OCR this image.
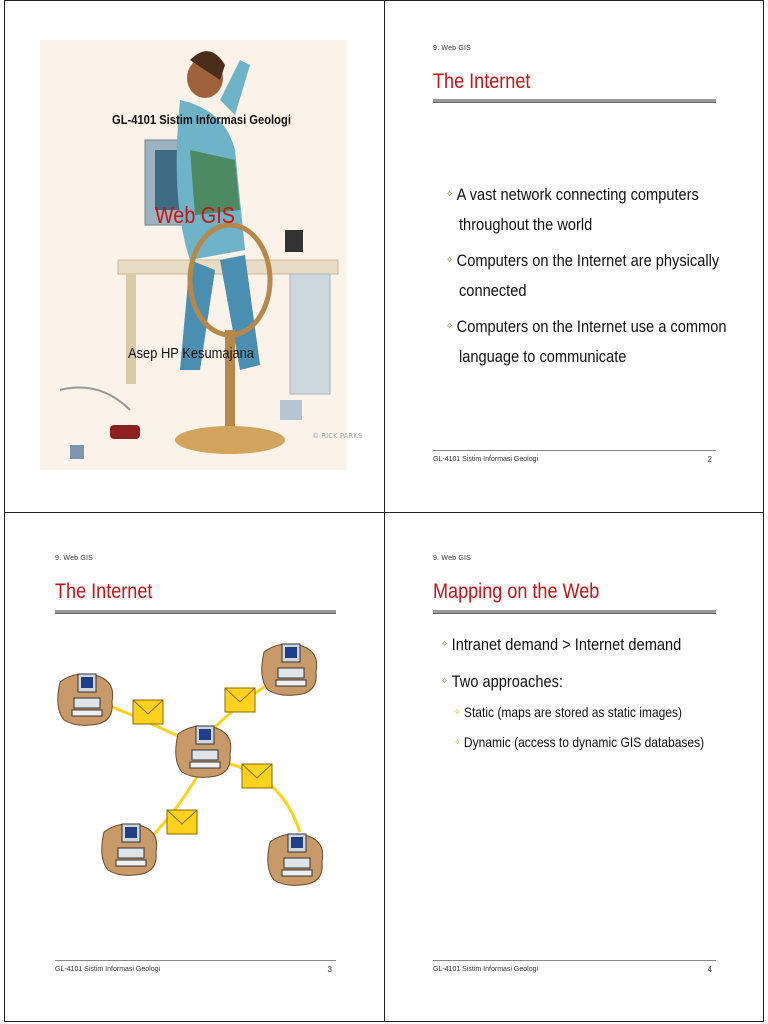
© RICK PARKS
GL-4101 Sistim Informasi Geologi
Web GIS
Asep HP Kesumajana
9. Web GIS
The Internet
✧ A vast network connecting computers
throughout the world
✧ Computers on the Internet are physically
connected
✧ Computers on the Internet use a common
language to communicate
GL-4101 Sistim Informasi Geologi	2
9. Web GIS
The Internet
GL-4101 Sistim Informasi Geologi	3
9. Web GIS
Mapping on the Web
✧ Intranet demand > Internet demand
✧ Two approaches:
✧ Static (maps are stored as static images)
✧ Dynamic (access to dynamic GIS databases)
GL-4101 Sistim Informasi Geologi	4
